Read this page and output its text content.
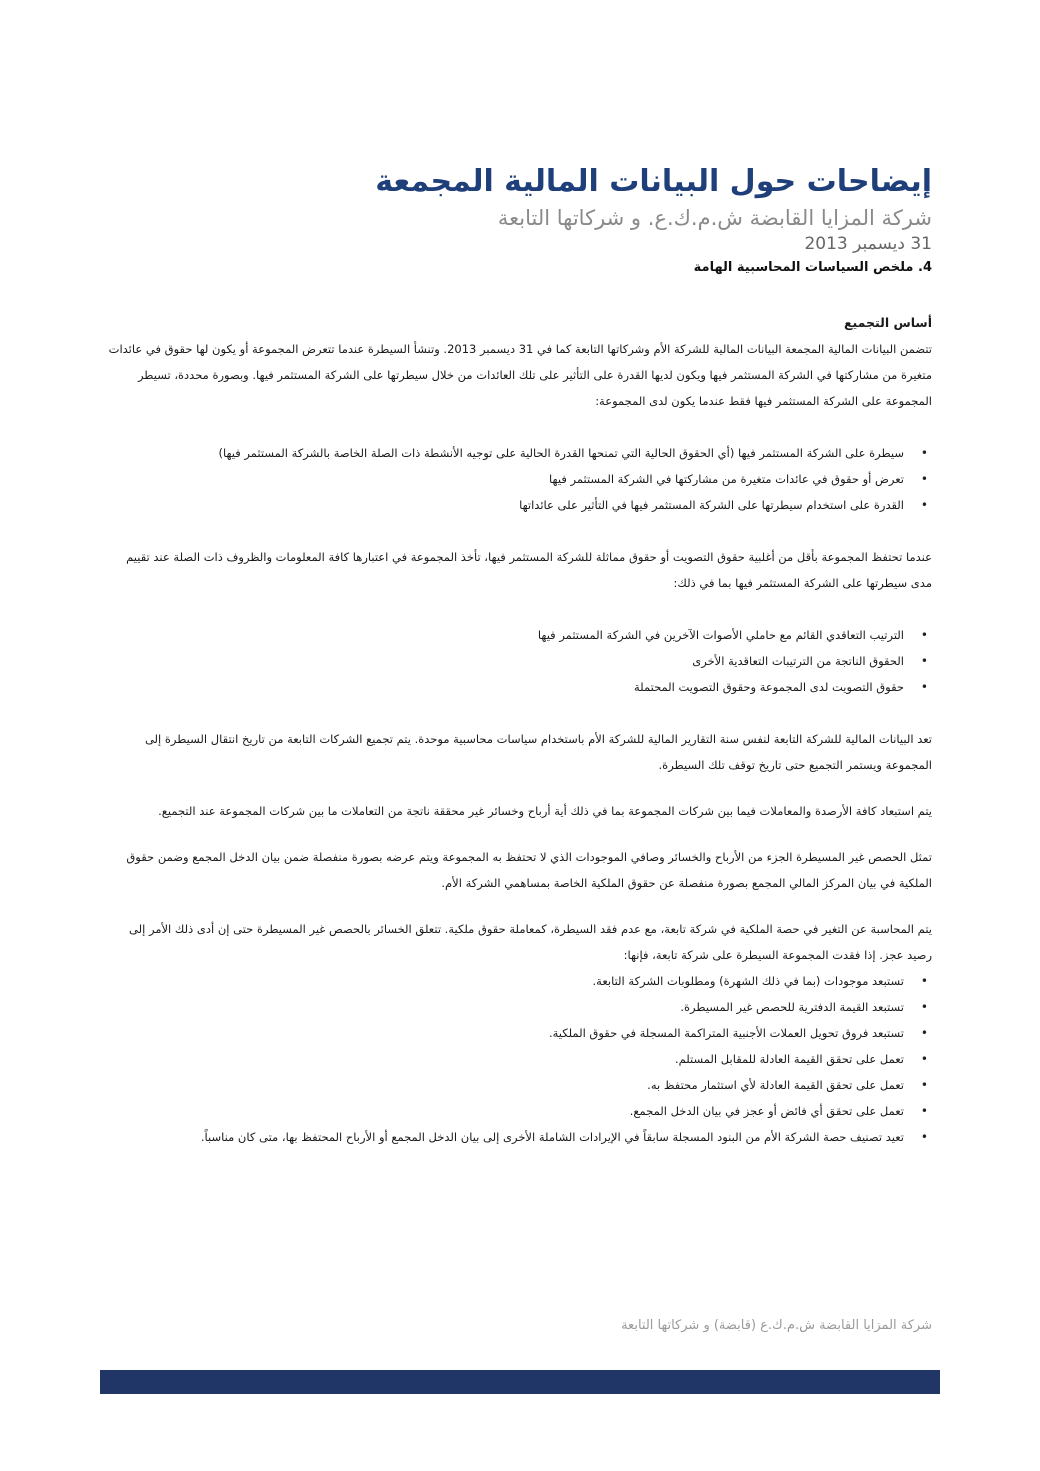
إيضاحات حول البيانات المالية المجمعة

شركة المزايا القابضة ش.م.ك.ع. و شركاتها التابعة

31 ديسمبر 2013

4. ملخص السياسات المحاسبية الهامة

أساس التجميع

تتضمن البيانات المالية المجمعة البيانات المالية للشركة الأم وشركاتها التابعة كما في 31 ديسمبر 2013. وتنشأ السيطرة عندما تتعرض المجموعة أو يكون لها حقوق في عائدات متغيرة من مشاركتها في الشركة المستثمر فيها ويكون لديها القدرة على التأثير على تلك العائدات من خلال سيطرتها على الشركة المستثمر فيها. وبصورة محددة، تسيطر المجموعة على الشركة المستثمر فيها فقط عندما يكون لدى المجموعة:

• سيطرة على الشركة المستثمر فيها (أي الحقوق الحالية التي تمنحها القدرة الحالية على توجيه الأنشطة ذات الصلة الخاصة بالشركة المستثمر فيها)
• تعرض أو حقوق في عائدات متغيرة من مشاركتها في الشركة المستثمر فيها
• القدرة على استخدام سيطرتها على الشركة المستثمر فيها في التأثير على عائداتها

عندما تحتفظ المجموعة بأقل من أغلبية حقوق التصويت أو حقوق مماثلة للشركة المستثمر فيها، تأخذ المجموعة في اعتبارها كافة المعلومات والظروف ذات الصلة عند تقييم مدى سيطرتها على الشركة المستثمر فيها بما في ذلك:

• الترتيب التعاقدي القائم مع حاملي الأصوات الآخرين في الشركة المستثمر فيها
• الحقوق الناتجة من الترتيبات التعاقدية الأخرى
• حقوق التصويت لدى المجموعة وحقوق التصويت المحتملة

تعد البيانات المالية للشركة التابعة لنفس سنة التقارير المالية للشركة الأم باستخدام سياسات محاسبية موحدة. يتم تجميع الشركات التابعة من تاريخ انتقال السيطرة إلى المجموعة ويستمر التجميع حتى تاريخ توقف تلك السيطرة.

يتم استبعاد كافة الأرصدة والمعاملات فيما بين شركات المجموعة بما في ذلك أية أرباح وخسائر غير محققة ناتجة من التعاملات ما بين شركات المجموعة عند التجميع.

تمثل الحصص غير المسيطرة الجزء من الأرباح والخسائر وصافي الموجودات الذي لا تحتفظ به المجموعة ويتم عرضه بصورة منفصلة ضمن بيان الدخل المجمع وضمن حقوق الملكية في بيان المركز المالي المجمع بصورة منفصلة عن حقوق الملكية الخاصة بمساهمي الشركة الأم.

يتم المحاسبة عن التغير في حصة الملكية في شركة تابعة، مع عدم فقد السيطرة، كمعاملة حقوق ملكية. تتعلق الخسائر بالحصص غير المسيطرة حتى إن أدى ذلك الأمر إلى رصيد عجز. إذا فقدت المجموعة السيطرة على شركة تابعة، فإنها:

• تستبعد موجودات (بما في ذلك الشهرة) ومطلوبات الشركة التابعة.
• تستبعد القيمة الدفترية للحصص غير المسيطرة.
• تستبعد فروق تحويل العملات الأجنبية المتراكمة المسجلة في حقوق الملكية.
• تعمل على تحقق القيمة العادلة للمقابل المستلم.
• تعمل على تحقق القيمة العادلة لأي استثمار محتفظ به.
• تعمل على تحقق أي فائض أو عجز في بيان الدخل المجمع.
• تعيد تصنيف حصة الشركة الأم من البنود المسجلة سابقاً في الإيرادات الشاملة الأخرى إلى بيان الدخل المجمع أو الأرباح المحتفظ بها، متى كان مناسباً.
شركة المزايا القابضة ش.م.ك.ع (قابضة) و شركاتها التابعة
